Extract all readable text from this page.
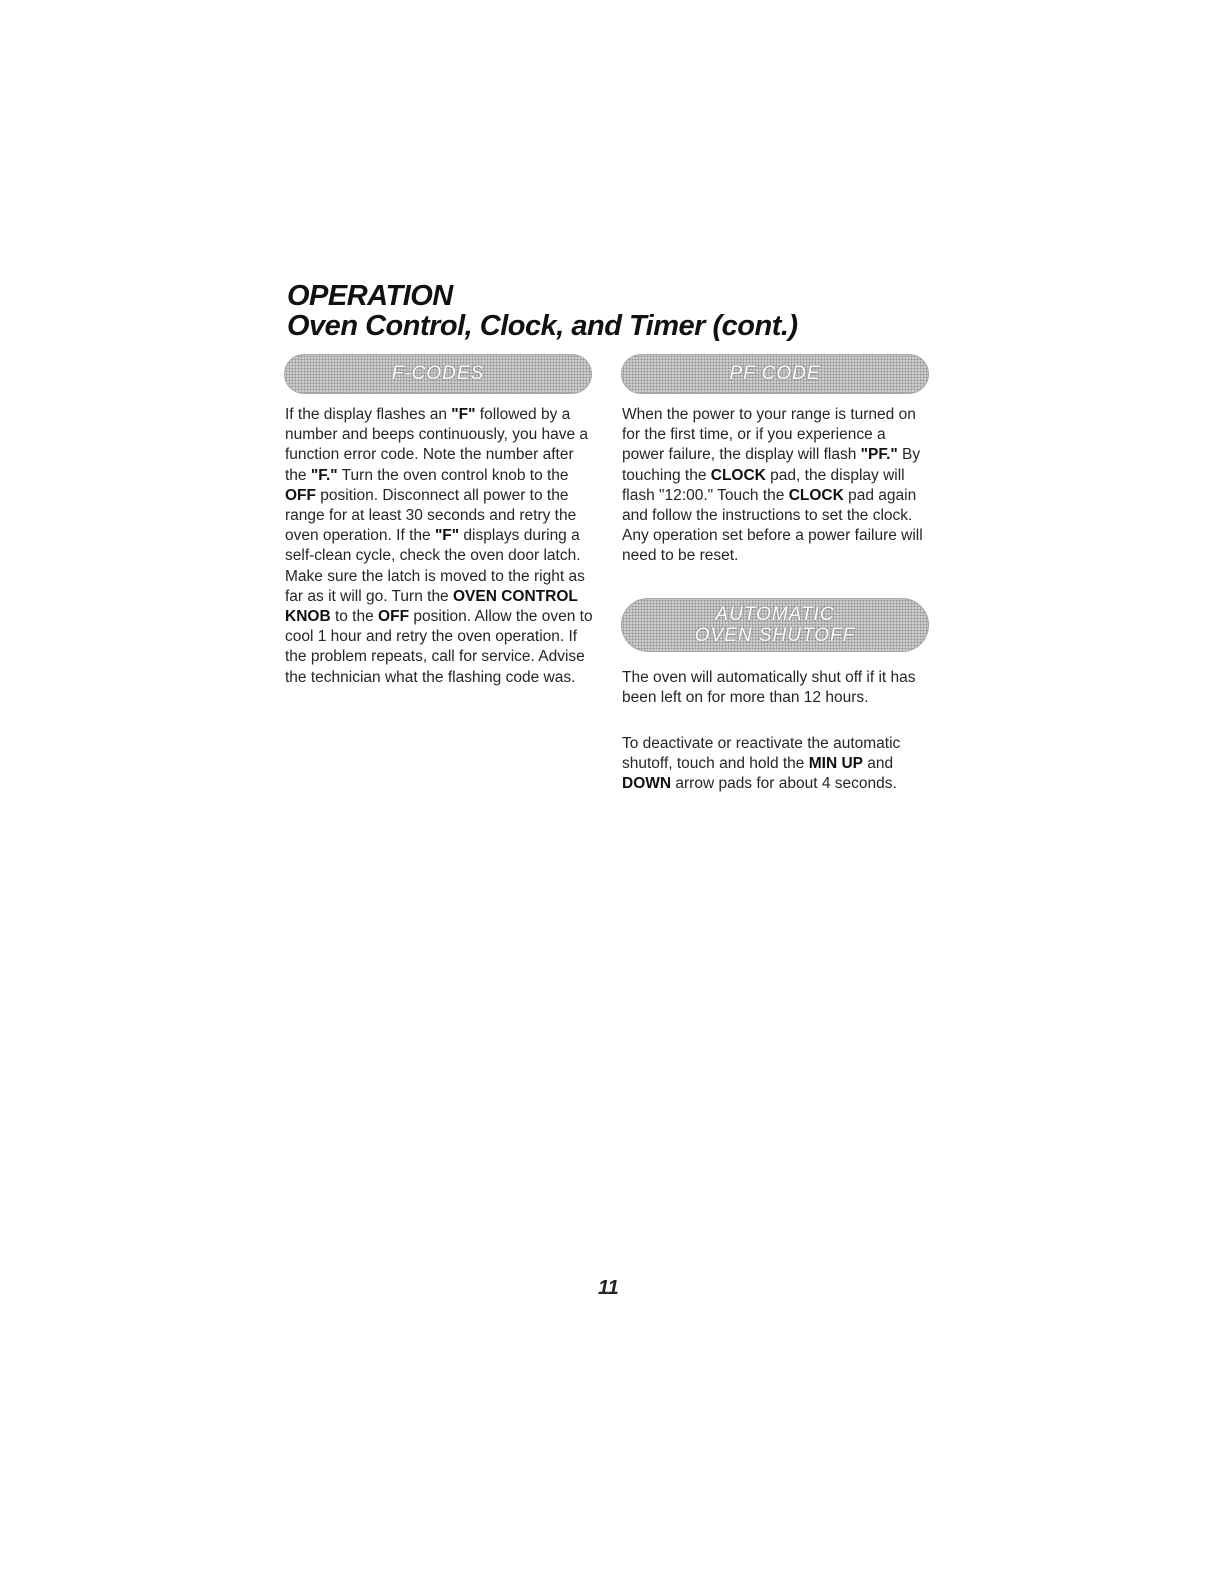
OPERATION
Oven Control, Clock, and Timer (cont.)
F-CODES

If the display flashes an "F" followed by a number and beeps continuously, you have a function error code. Note the number after the "F." Turn the oven control knob to the OFF position. Disconnect all power to the range for at least 30 seconds and retry the oven operation. If the "F" displays during a self-clean cycle, check the oven door latch. Make sure the latch is moved to the right as far as it will go. Turn the OVEN CONTROL KNOB to the OFF position. Allow the oven to cool 1 hour and retry the oven operation. If the problem repeats, call for service. Advise the technician what the flashing code was.

PF CODE

When the power to your range is turned on for the first time, or if you experience a power failure, the display will flash "PF." By touching the CLOCK pad, the display will flash "12:00." Touch the CLOCK pad again and follow the instructions to set the clock. Any operation set before a power failure will need to be reset.

AUTOMATIC
OVEN SHUTOFF

The oven will automatically shut off if it has been left on for more than 12 hours.

To deactivate or reactivate the automatic shutoff, touch and hold the MIN UP and DOWN arrow pads for about 4 seconds.

11
